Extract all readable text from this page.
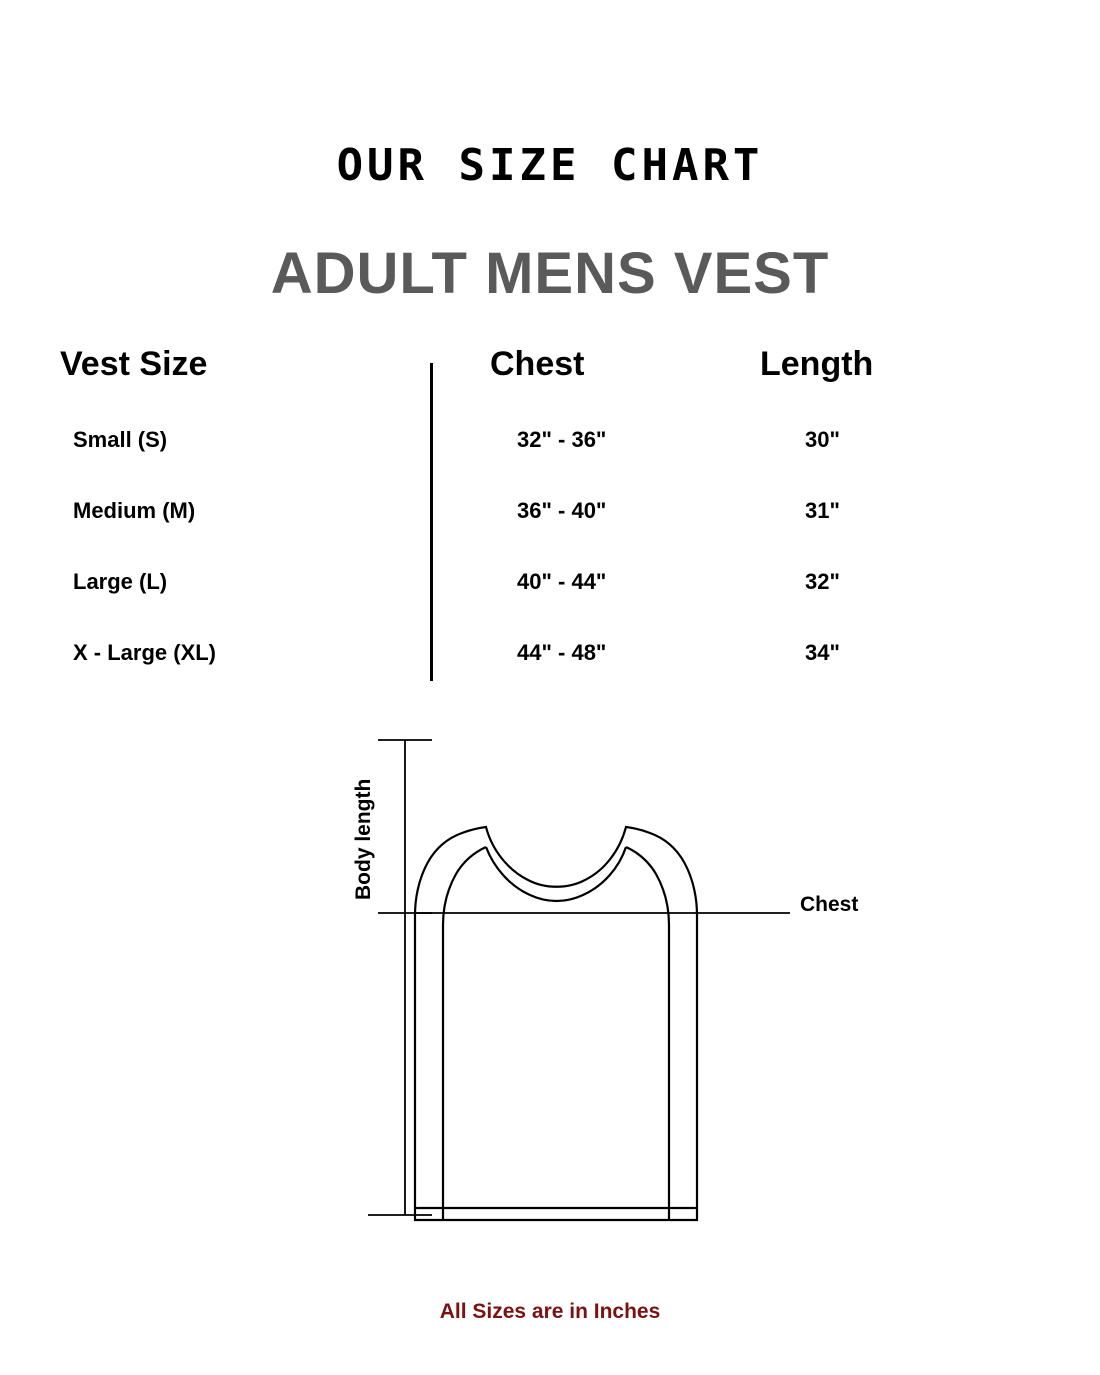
OUR SIZE CHART
ADULT MENS VEST
Vest Size	Chest	Length
Small (S)	32" - 36"	30"
Medium (M)	36" - 40"	31"
Large (L)	40" - 44"	32"
X - Large (XL)	44" - 48"	34"
Chest
Body length
All Sizes are in Inches
